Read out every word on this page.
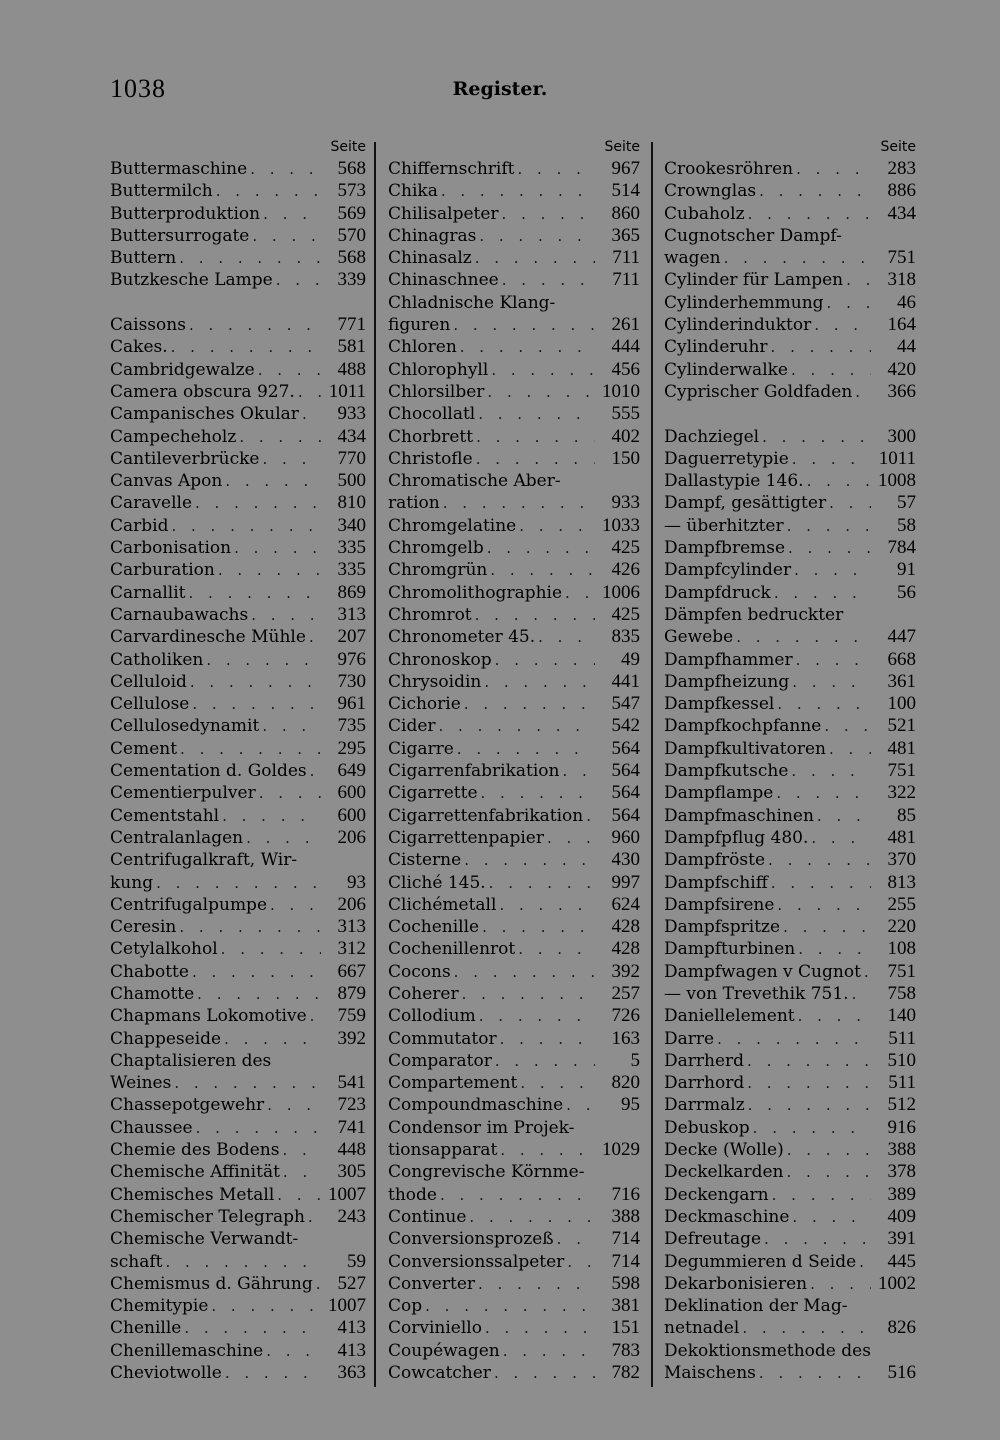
1038	Register.
Seite
Buttermaschine . . .	568
Buttermilch . . .	573
Butterproduktion . . .	569
Buttersurrogate . . .	570
Buttern . . .	568
Butzkesche Lampe . . .	339
Caissons . . .	771
Cakes. . . .	581
Cambridgewalze . . .	488
Camera obscura 927. . . . 1011
Campanisches Okular . . .	933
Campecheholz . . .	434
Cantileverbrücke . . .	770
Canvas Apon . . .	500
Caravelle . . .	810
Carbid . . .	340
Carbonisation . . .	335
Carburation . . .	335
Carnallit . . .	869
Carnaubawachs . . .	313
Carvardinesche Mühle . . .	207
Catholiken . . .	976
Celluloid . . .	730
Cellulose . . .	961
Cellulosedynamit . . .	735
Cement . . .	295
Cementation d. Goldes . . .	649
Cementierpulver . . .	600
Cementstahl . . .	600
Centralanlagen . . .	206
Centrifugalkraft, Wir-
kung . . .	93
Centrifugalpumpe . . .	206
Ceresin . . .	313
Cetylalkohol . . .	312
Chabotte . . .	667
Chamotte . . .	879
Chapmans Lokomotive . . .	759
Chappeseide . . .	392
Chaptalisieren des
Weines . . .	541
Chassepotgewehr . . .	723
Chaussee . . .	741
Chemie des Bodens . . .	448
Chemische Affinität . . .	305
Chemisches Metall . . .	1007
Chemischer Telegraph . . .	243
Chemische Verwandt-
schaft . . .	59
Chemismus d. Gährung . . .	527
Chemitypie . . .	1007
Chenille . . .	413
Chenillemaschine . . .	413
Cheviotwolle . . .	363
Seite
Chiffernschrift . . .	967
Chika . . .	514
Chilisalpeter . . .	860
Chinagras . . .	365
Chinasalz . . .	711
Chinaschnee . . .	711
Chladnische Klang-
figuren . . .	261
Chloren . . .	444
Chlorophyll . . .	456
Chlorsilber . . .	1010
Chocollatl . . .	555
Chorbrett . . .	402
Christofle . . .	150
Chromatische Aber-
ration . . .	933
Chromgelatine . . .	1033
Chromgelb . . .	425
Chromgrün . . .	426
Chromolithographie . . . 1006
Chromrot . . .	425
Chronometer 45. . . .	835
Chronoskop . . .	49
Chrysoidin . . .	441
Cichorie . . .	547
Cider . . .	542
Cigarre . . .	564
Cigarrenfabrikation . . .	564
Cigarrette . . .	564
Cigarrettenfabrikation . . .	564
Cigarrettenpapier . . .	960
Cisterne . . .	430
Cliché 145. . . .	997
Clichémetall . . .	624
Cochenille . . .	428
Cochenillenrot . . .	428
Cocons . . .	392
Coherer . . .	257
Collodium . . .	726
Commutator . . .	163
Comparator . . .	5
Compartement . . .	820
Compoundmaschine . . .	95
Condensor im Projek-
tionsapparat . . .	1029
Congrevische Körnme-
thode . . .	716
Continue . . .	388
Conversionsprozeß . . .	714
Conversionssalpeter . . .	714
Converter . . .	598
Cop . . .	381
Corviniello . . .	151
Coupéwagen . . .	783
Cowcatcher . . .	782
Seite
Crookesröhren . . .	283
Crownglas . . .	886
Cubaholz . . .	434
Cugnotscher Dampf-
wagen . . .	751
Cylinder für Lampen . . .	318
Cylinderhemmung . . .	46
Cylinderinduktor . . .	164
Cylinderuhr . . .	44
Cylinderwalke . . .	420
Cyprischer Goldfaden . . .	366
Dachziegel . . .	300
Daguerretypie . . .	1011
Dallastypie 146. . . .	1008
Dampf, gesättigter . . .	57
— überhitzter . . .	58
Dampfbremse . . .	784
Dampfcylinder . . .	91
Dampfdruck . . .	56
Dämpfen bedruckter
Gewebe . . .	447
Dampfhammer . . .	668
Dampfheizung . . .	361
Dampfkessel . . .	100
Dampfkochpfanne . . .	521
Dampfkultivatoren . . .	481
Dampfkutsche . . .	751
Dampflampe . . .	322
Dampfmaschinen . . .	85
Dampfpflug 480. . . .	481
Dampfröste . . .	370
Dampfschiff . . .	813
Dampfsirene . . .	255
Dampfspritze . . .	220
Dampfturbinen . . .	108
Dampfwagen v Cugnot . . .	751
— von Trevethik 751. . . .	758
Daniellelement . . .	140
Darre . . .	511
Darrherd . . .	510
Darrhord . . .	511
Darrmalz . . .	512
Debuskop . . .	916
Decke (Wolle) . . .	388
Deckelkarden . . .	378
Deckengarn . . .	389
Deckmaschine . . .	409
Defreutage . . .	391
Degummieren d Seide . . .	445
Dekarbonisieren . . .	1002
Deklination der Mag-
netnadel . . .	826
Dekoktionsmethode des
Maischens . . .	516
